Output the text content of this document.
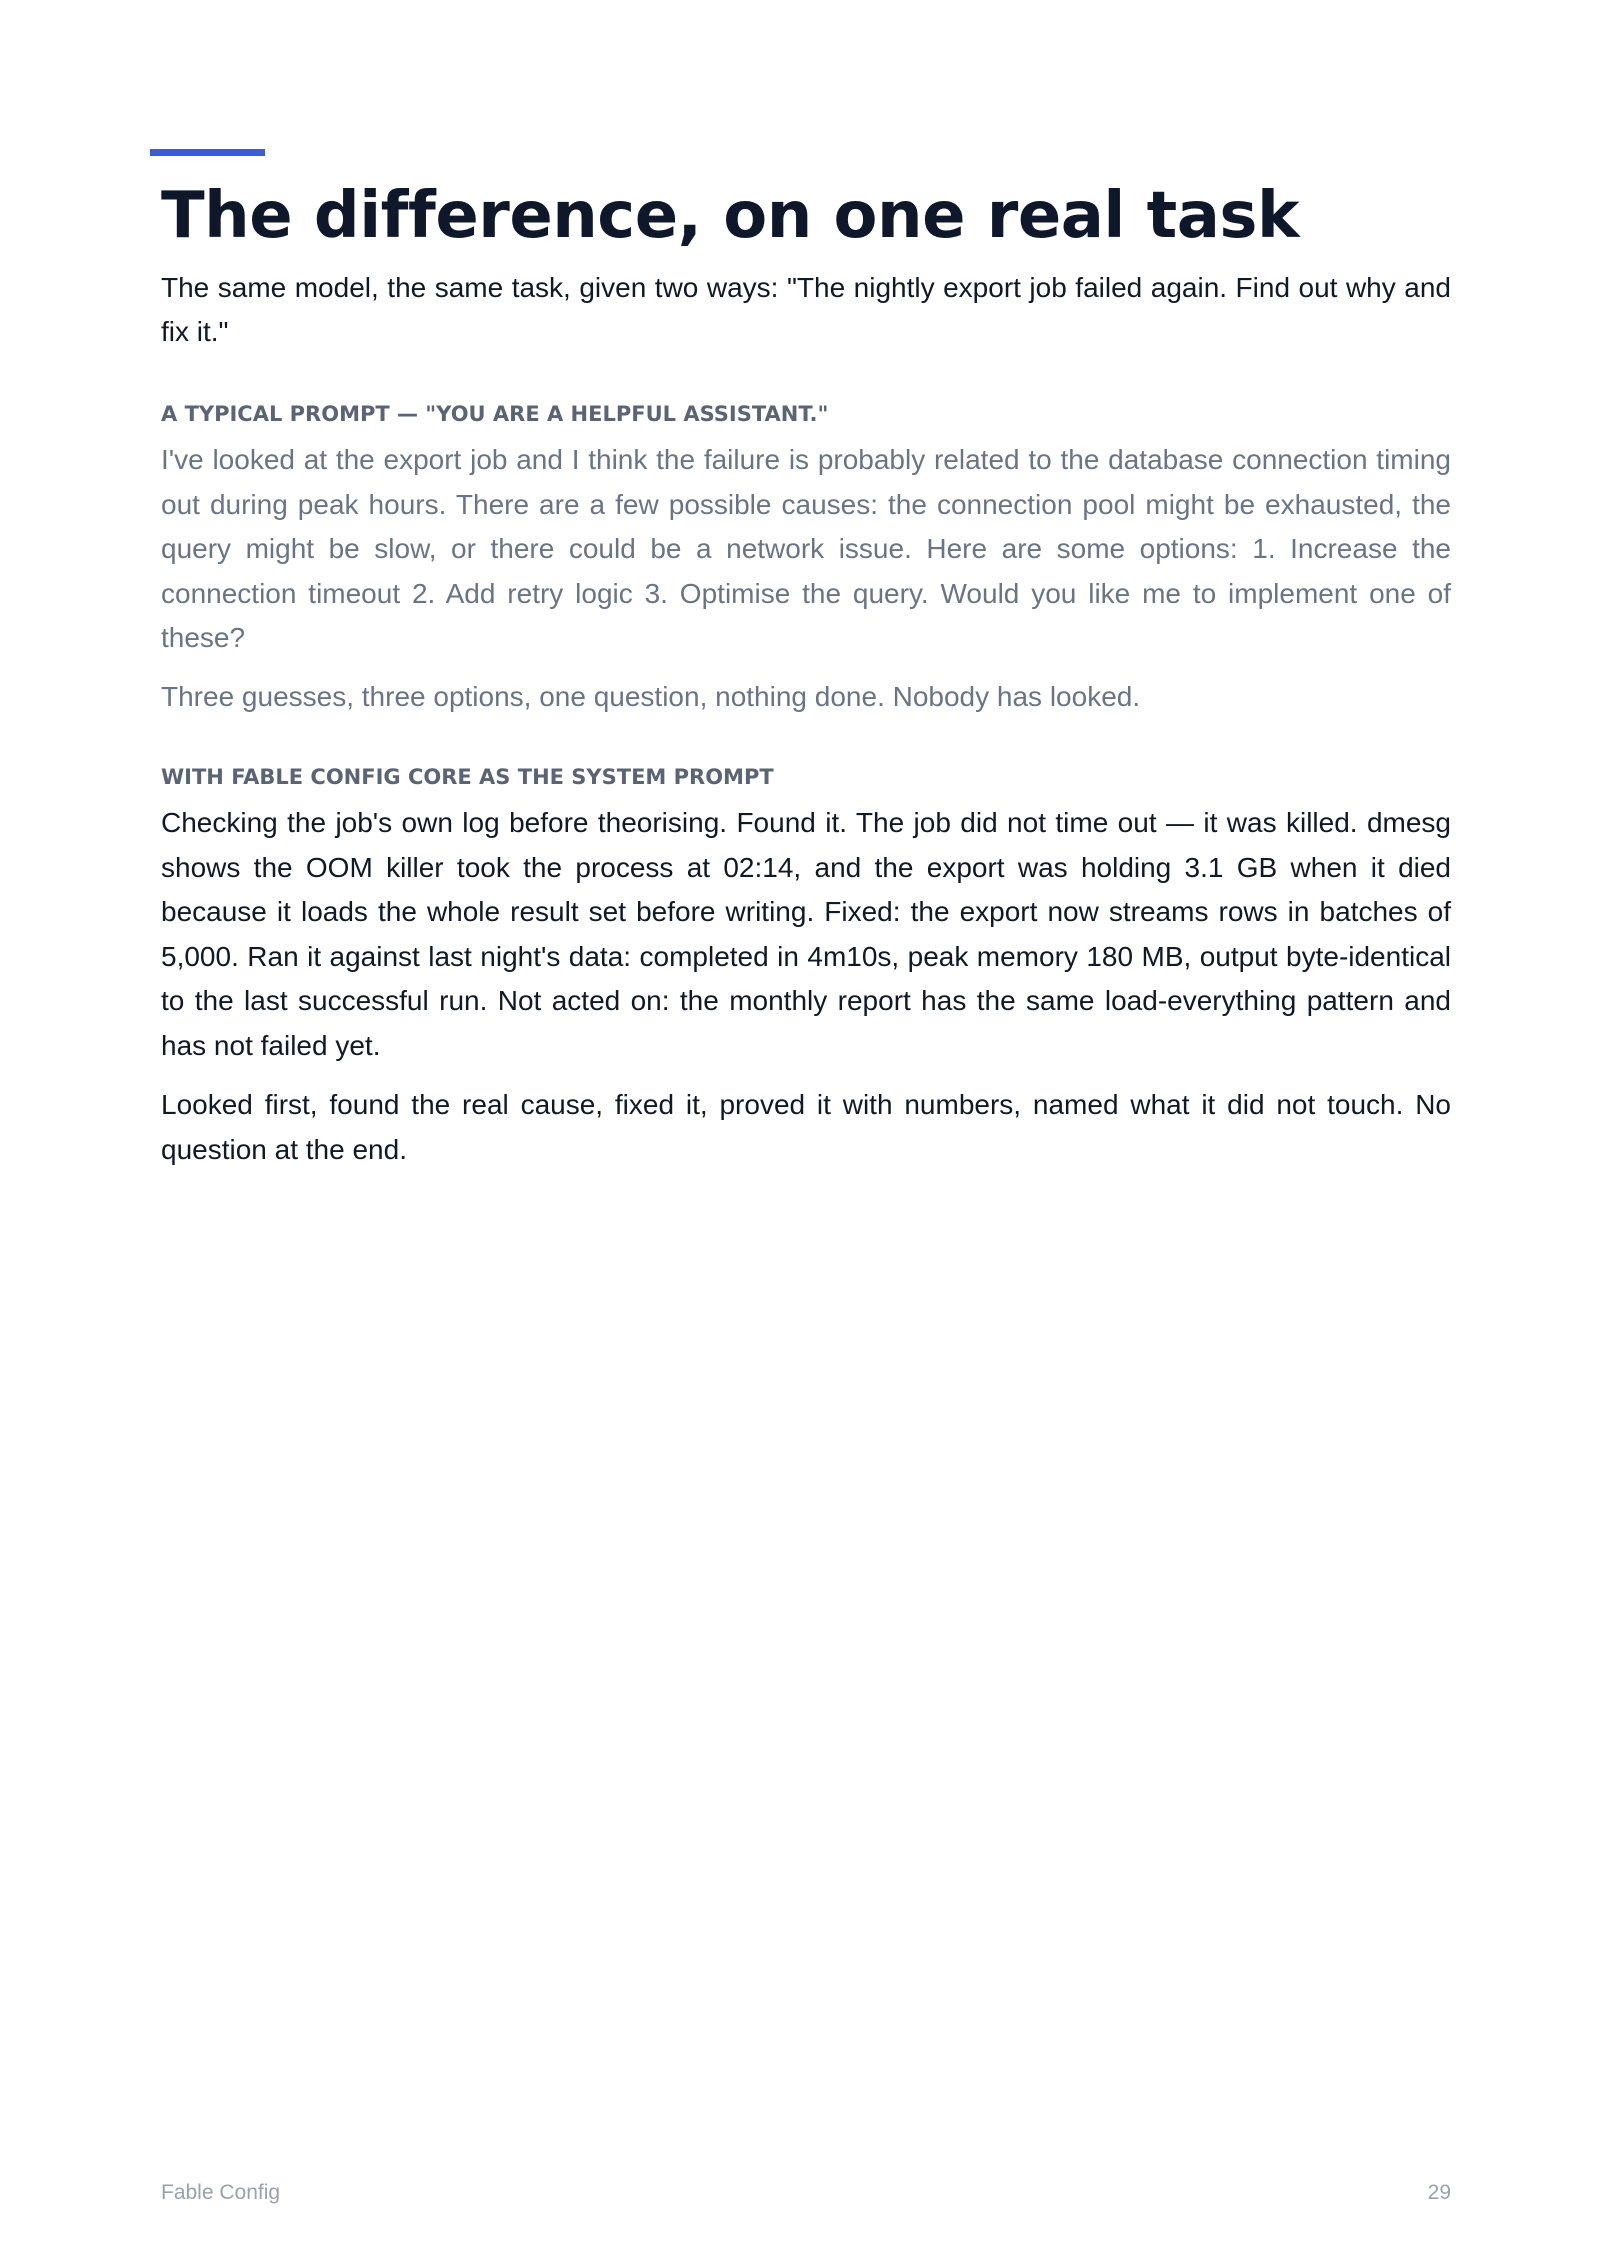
The difference, on one real task

The same model, the same task, given two ways: "The nightly export job failed again. Find out why and fix it."

A TYPICAL PROMPT — "YOU ARE A HELPFUL ASSISTANT."

I've looked at the export job and I think the failure is probably related to the database connection timing out during peak hours. There are a few possible causes: the connection pool might be exhausted, the query might be slow, or there could be a network issue. Here are some options: 1. Increase the connection timeout 2. Add retry logic 3. Optimise the query. Would you like me to implement one of these?

Three guesses, three options, one question, nothing done. Nobody has looked.

WITH FABLE CONFIG CORE AS THE SYSTEM PROMPT

Checking the job's own log before theorising. Found it. The job did not time out — it was killed. dmesg shows the OOM killer took the process at 02:14, and the export was holding 3.1 GB when it died because it loads the whole result set before writing. Fixed: the export now streams rows in batches of 5,000. Ran it against last night's data: completed in 4m10s, peak memory 180 MB, output byte-identical to the last successful run. Not acted on: the monthly report has the same load-everything pattern and has not failed yet.

Looked first, found the real cause, fixed it, proved it with numbers, named what it did not touch. No question at the end.

Fable Config	29
